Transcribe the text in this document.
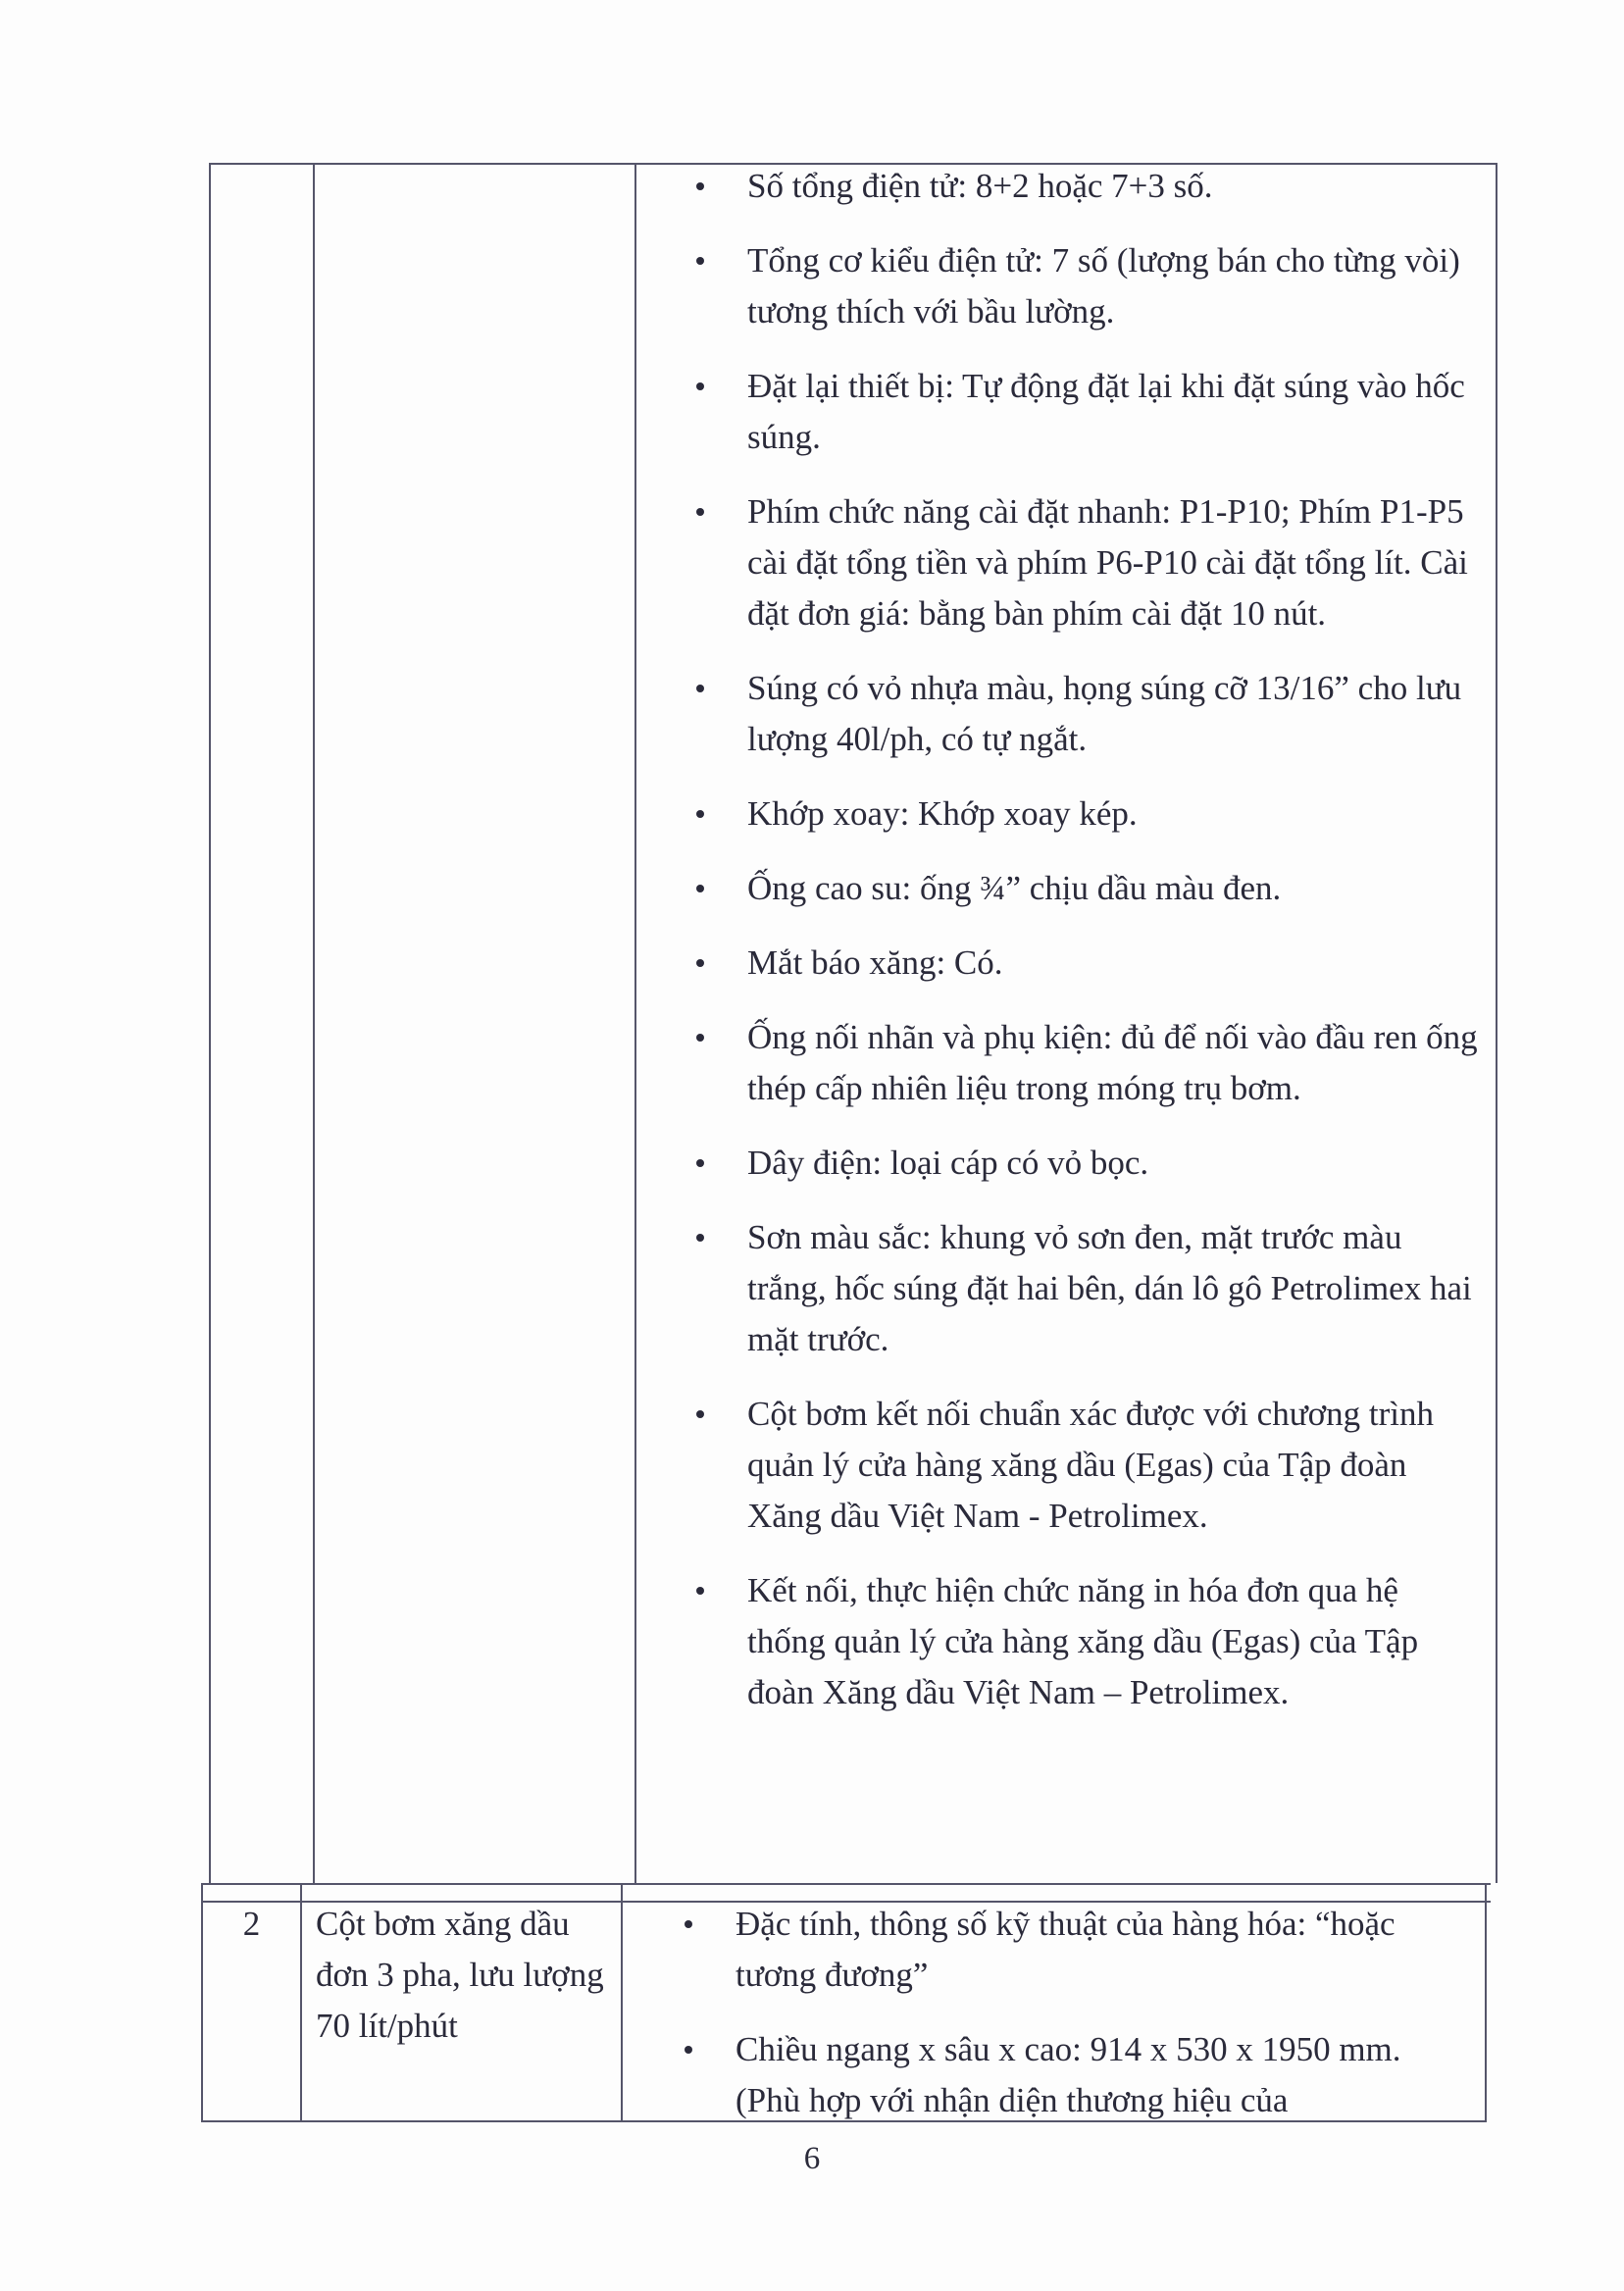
Số tổng điện tử: 8+2 hoặc 7+3 số.
Tổng cơ kiểu điện tử: 7 số (lượng bán cho từng vòi) tương thích với bầu lường.
Đặt lại thiết bị: Tự động đặt lại khi đặt súng vào hốc súng.
Phím chức năng cài đặt nhanh: P1-P10; Phím P1-P5 cài đặt tổng tiền và phím P6-P10 cài đặt tổng lít. Cài đặt đơn giá: bằng bàn phím cài đặt 10 nút.
Súng có vỏ nhựa màu, họng súng cỡ 13/16” cho lưu lượng 40l/ph, có tự ngắt.
Khớp xoay: Khớp xoay kép.
Ống cao su: ống ¾” chịu dầu màu đen.
Mắt báo xăng: Có.
Ống nối nhãn và phụ kiện: đủ để nối vào đầu ren ống thép cấp nhiên liệu trong móng trụ bơm.
Dây điện: loại cáp có vỏ bọc.
Sơn màu sắc: khung vỏ sơn đen, mặt trước màu trắng, hốc súng đặt hai bên, dán lô gô Petrolimex hai mặt trước.
Cột bơm kết nối chuẩn xác được với chương trình quản lý cửa hàng xăng dầu (Egas) của Tập đoàn Xăng dầu Việt Nam - Petrolimex.
Kết nối, thực hiện chức năng in hóa đơn qua hệ thống quản lý cửa hàng xăng dầu (Egas) của Tập đoàn Xăng dầu Việt Nam – Petrolimex.
2	Cột bơm xăng dầu đơn 3 pha, lưu lượng 70 lít/phút
Đặc tính, thông số kỹ thuật của hàng hóa: “hoặc tương đương”
Chiều ngang x sâu x cao: 914 x 530 x 1950 mm. (Phù hợp với nhận diện thương hiệu của
6
